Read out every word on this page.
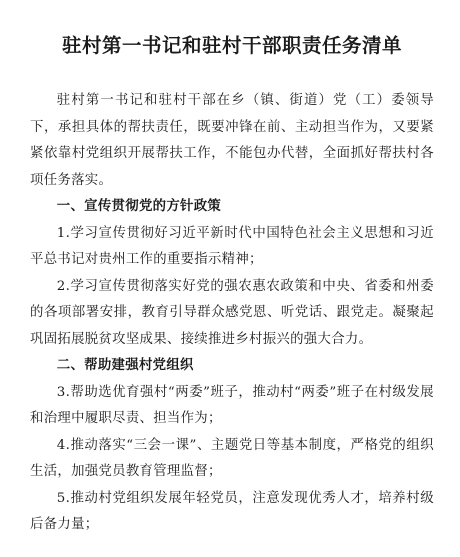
驻村第一书记和驻村干部职责任务清单

驻村第一书记和驻村干部在乡（镇、街道）党（工）委领导下，承担具体的帮扶责任，既要冲锋在前、主动担当作为，又要紧紧依靠村党组织开展帮扶工作，不能包办代替，全面抓好帮扶村各项任务落实。

一、宣传贯彻党的方针政策

1.学习宣传贯彻好习近平新时代中国特色社会主义思想和习近平总书记对贵州工作的重要指示精神；

2.学习宣传贯彻落实好党的强农惠农政策和中央、省委和州委的各项部署安排，教育引导群众感党恩、听党话、跟党走。凝聚起巩固拓展脱贫攻坚成果、接续推进乡村振兴的强大合力。

二、帮助建强村党组织

3.帮助选优育强村“两委”班子，推动村“两委”班子在村级发展和治理中履职尽责、担当作为；

4.推动落实“三会一课”、主题党日等基本制度，严格党的组织生活，加强党员教育管理监督；

5.推动村党组织发展年轻党员，注意发现优秀人才，培养村级后备力量；
